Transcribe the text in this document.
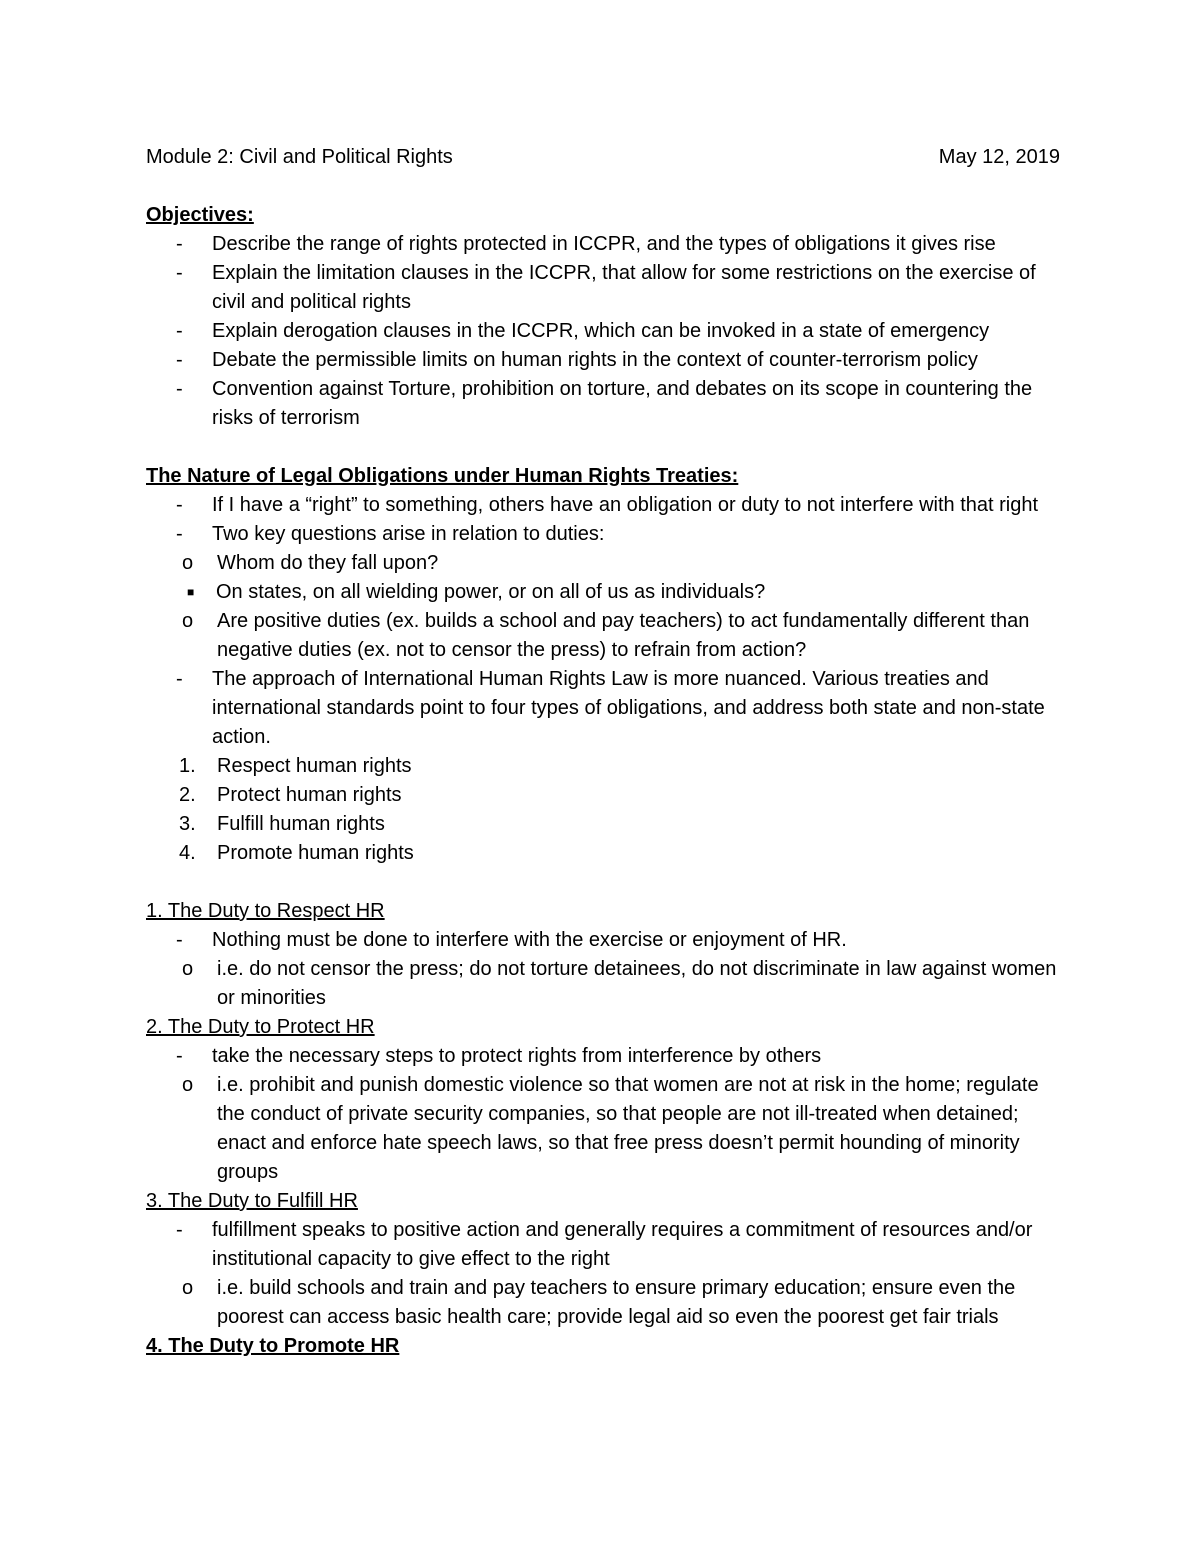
Module 2: Civil and Political Rights	May 12, 2019
Objectives:
-	Describe the range of rights protected in ICCPR, and the types of obligations it gives rise
-	Explain the limitation clauses in the ICCPR, that allow for some restrictions on the exercise of civil and political rights
-	Explain derogation clauses in the ICCPR, which can be invoked in a state of emergency
-	Debate the permissible limits on human rights in the context of counter-terrorism policy
-	Convention against Torture, prohibition on torture, and debates on its scope in countering the risks of terrorism
The Nature of Legal Obligations under Human Rights Treaties:
-	If I have a “right” to something, others have an obligation or duty to not interfere with that right
-	Two key questions arise in relation to duties:
o	Whom do they fall upon?
■	On states, on all wielding power, or on all of us as individuals?
o	Are positive duties (ex. builds a school and pay teachers) to act fundamentally different than negative duties (ex. not to censor the press) to refrain from action?
-	The approach of International Human Rights Law is more nuanced. Various treaties and international standards point to four types of obligations, and address both state and non-state action.
1.	Respect human rights
2.	Protect human rights
3.	Fulfill human rights
4.	Promote human rights
1. The Duty to Respect HR
-	Nothing must be done to interfere with the exercise or enjoyment of HR.
o	i.e. do not censor the press; do not torture detainees, do not discriminate in law against women or minorities
2. The Duty to Protect HR
-	take the necessary steps to protect rights from interference by others
o	i.e. prohibit and punish domestic violence so that women are not at risk in the home; regulate the conduct of private security companies, so that people are not ill-treated when detained; enact and enforce hate speech laws, so that free press doesn’t permit hounding of minority groups
3. The Duty to Fulfill HR
-	fulfillment speaks to positive action and generally requires a commitment of resources and/or institutional capacity to give effect to the right
o	i.e. build schools and train and pay teachers to ensure primary education; ensure even the poorest can access basic health care; provide legal aid so even the poorest get fair trials
4. The Duty to Promote HR
